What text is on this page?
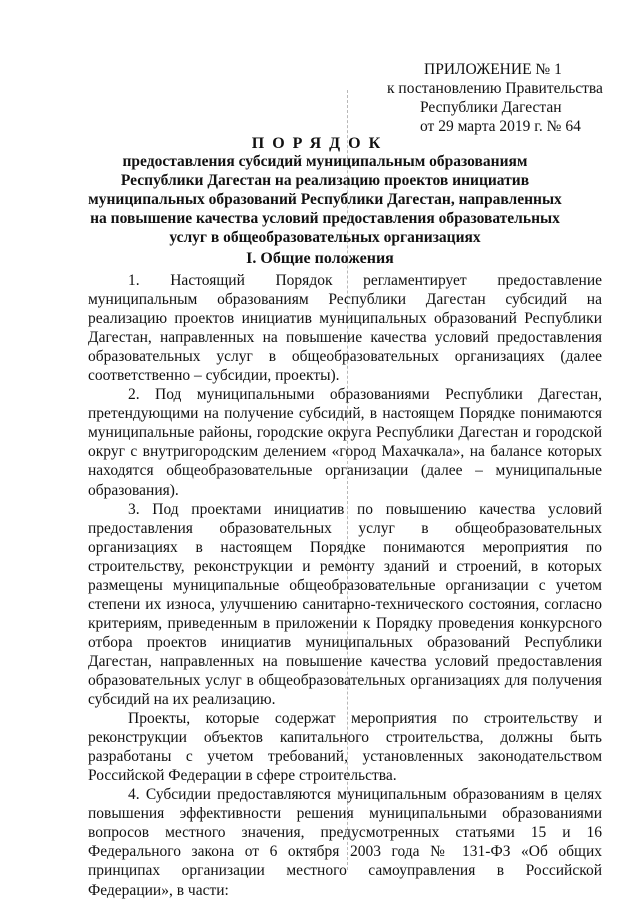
ПРИЛОЖЕНИЕ № 1
к постановлению Правительства
Республики Дагестан
от 29 марта 2019 г. № 64
ПОРЯДОК
предоставления субсидий муниципальным образованиям Республики Дагестан на реализацию проектов инициатив муниципальных образований Республики Дагестан, направленных на повышение качества условий предоставления образовательных услуг в общеобразовательных организациях
I. Общие положения

1. Настоящий Порядок регламентирует предоставление муниципальным образованиям Республики Дагестан субсидий на реализацию проектов инициатив муниципальных образований Республики Дагестан, направленных на повышение качества условий предоставления образовательных услуг в общеобразовательных организациях (далее соответственно – субсидии, проекты).

2. Под муниципальными образованиями Республики Дагестан, претендующими на получение субсидий, в настоящем Порядке понимаются муниципальные районы, городские округа Республики Дагестан и городской округ с внутригородским делением «город Махачкала», на балансе которых находятся общеобразовательные организации (далее – муниципальные образования).

3. Под проектами инициатив по повышению качества условий предоставления образовательных услуг в общеобразовательных организациях в настоящем Порядке понимаются мероприятия по строительству, реконструкции и ремонту зданий и строений, в которых размещены муниципальные общеобразовательные организации с учетом степени их износа, улучшению санитарно-технического состояния, согласно критериям, приведенным в приложении к Порядку проведения конкурсного отбора проектов инициатив муниципальных образований Республики Дагестан, направленных на повышение качества условий предоставления образовательных услуг в общеобразовательных организациях для получения субсидий на их реализацию.

Проекты, которые содержат мероприятия по строительству и реконструкции объектов капитального строительства, должны быть разработаны с учетом требований, установленных законодательством Российской Федерации в сфере строительства.

4. Субсидии предоставляются муниципальным образованиям в целях повышения эффективности решения муниципальными образованиями вопросов местного значения, предусмотренных статьями 15 и 16 Федерального закона от 6 октября 2003 года № 131-ФЗ «Об общих принципах организации местного самоуправления в Российской Федерации», в части:
